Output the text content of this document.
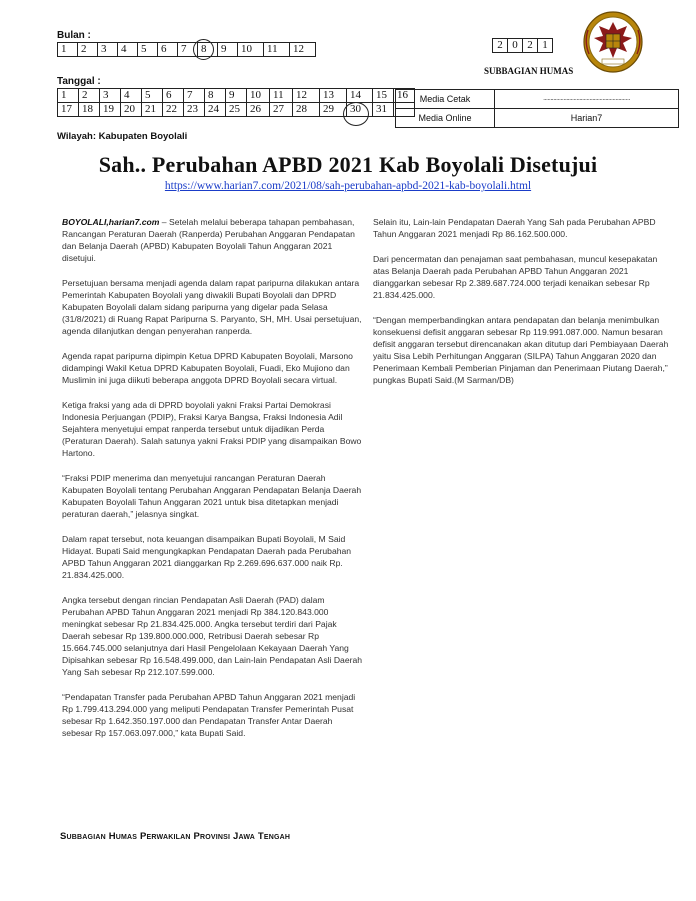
Bulan :
1	2	3	4	5	6	7	8	9	10	11	12	2	0	2	1
SUBBAGIAN HUMAS
Tanggal :
1	2	3	4	5	6	7	8	9	10	11	12	13	14	15	16
17	18	19	20	21	22	23	24	25	26	27	28	29	30	31	
Media Cetak	............................................................
Media Online	Harian7
Wilayah: Kabupaten Boyolali
Sah.. Perubahan APBD 2021 Kab Boyolali Disetujui
https://www.harian7.com/2021/08/sah-perubahan-apbd-2021-kab-boyolali.html

BOYOLALI,harian7.com – Setelah melalui beberapa tahapan pembahasan, Rancangan Peraturan Daerah (Ranperda) Perubahan Anggaran Pendapatan dan Belanja Daerah (APBD) Kabupaten Boyolali Tahun Anggaran 2021 disetujui.

Persetujuan bersama menjadi agenda dalam rapat paripurna dilakukan antara Pemerintah Kabupaten Boyolali yang diwakili Bupati Boyolali dan DPRD Kabupaten Boyolali dalam sidang paripurna yang digelar pada Selasa (31/8/2021) di Ruang Rapat Paripurna S. Paryanto, SH, MH. Usai persetujuan, agenda dilanjutkan dengan penyerahan ranperda.

Agenda rapat paripurna dipimpin Ketua DPRD Kabupaten Boyolali, Marsono didampingi Wakil Ketua DPRD Kabupaten Boyolali, Fuadi, Eko Mujiono dan Muslimin ini juga diikuti beberapa anggota DPRD Boyolali secara virtual.

Ketiga fraksi yang ada di DPRD boyolali yakni Fraksi Partai Demokrasi Indonesia Perjuangan (PDIP), Fraksi Karya Bangsa, Fraksi Indonesia Adil Sejahtera menyetujui empat ranperda tersebut untuk dijadikan Perda (Peraturan Daerah). Salah satunya yakni Fraksi PDIP yang disampaikan Bowo Hartono.

“Fraksi PDIP menerima dan menyetujui rancangan Peraturan Daerah Kabupaten Boyolali tentang Perubahan Anggaran Pendapatan Belanja Daerah Kabupaten Boyolali Tahun Anggaran 2021 untuk bisa ditetapkan menjadi peraturan daerah,” jelasnya singkat.

Dalam rapat tersebut, nota keuangan disampaikan Bupati Boyolali, M Said Hidayat. Bupati Said mengungkapkan Pendapatan Daerah pada Perubahan APBD Tahun Anggaran 2021 dianggarkan Rp 2.269.696.637.000 naik Rp. 21.834.425.000.

Angka tersebut dengan rincian Pendapatan Asli Daerah (PAD) dalam Perubahan APBD Tahun Anggaran 2021 menjadi Rp 384.120.843.000 meningkat sebesar Rp 21.834.425.000. Angka tersebut terdiri dari Pajak Daerah sebesar Rp 139.800.000.000, Retribusi Daerah sebesar Rp 15.664.745.000 selanjutnya dari Hasil Pengelolaan Kekayaan Daerah Yang Dipisahkan sebesar Rp 16.548.499.000, dan Lain-lain Pendapatan Asli Daerah Yang Sah sebesar Rp 212.107.599.000.

“Pendapatan Transfer pada Perubahan APBD Tahun Anggaran 2021 menjadi Rp 1.799.413.294.000 yang meliputi Pendapatan Transfer Pemerintah Pusat sebesar Rp 1.642.350.197.000 dan Pendapatan Transfer Antar Daerah sebesar Rp 157.063.097.000,” kata Bupati Said.

Selain itu, Lain-lain Pendapatan Daerah Yang Sah pada Perubahan APBD Tahun Anggaran 2021 menjadi Rp 86.162.500.000.

Dari pencermatan dan penajaman saat pembahasan, muncul kesepakatan atas Belanja Daerah pada Perubahan APBD Tahun Anggaran 2021 dianggarkan sebesar Rp 2.389.687.724.000 terjadi kenaikan sebesar Rp 21.834.425.000.

“Dengan memperbandingkan antara pendapatan dan belanja menimbulkan konsekuensi defisit anggaran sebesar Rp 119.991.087.000. Namun besaran defisit anggaran tersebut direncanakan akan ditutup dari Pembiayaan Daerah yaitu Sisa Lebih Perhitungan Anggaran (SILPA) Tahun Anggaran 2020 dan Penerimaan Kembali Pemberian Pinjaman dan Penerimaan Piutang Daerah,” pungkas Bupati Said.(M Sarman/DB)

Subbagian Humas Perwakilan Provinsi Jawa Tengah
